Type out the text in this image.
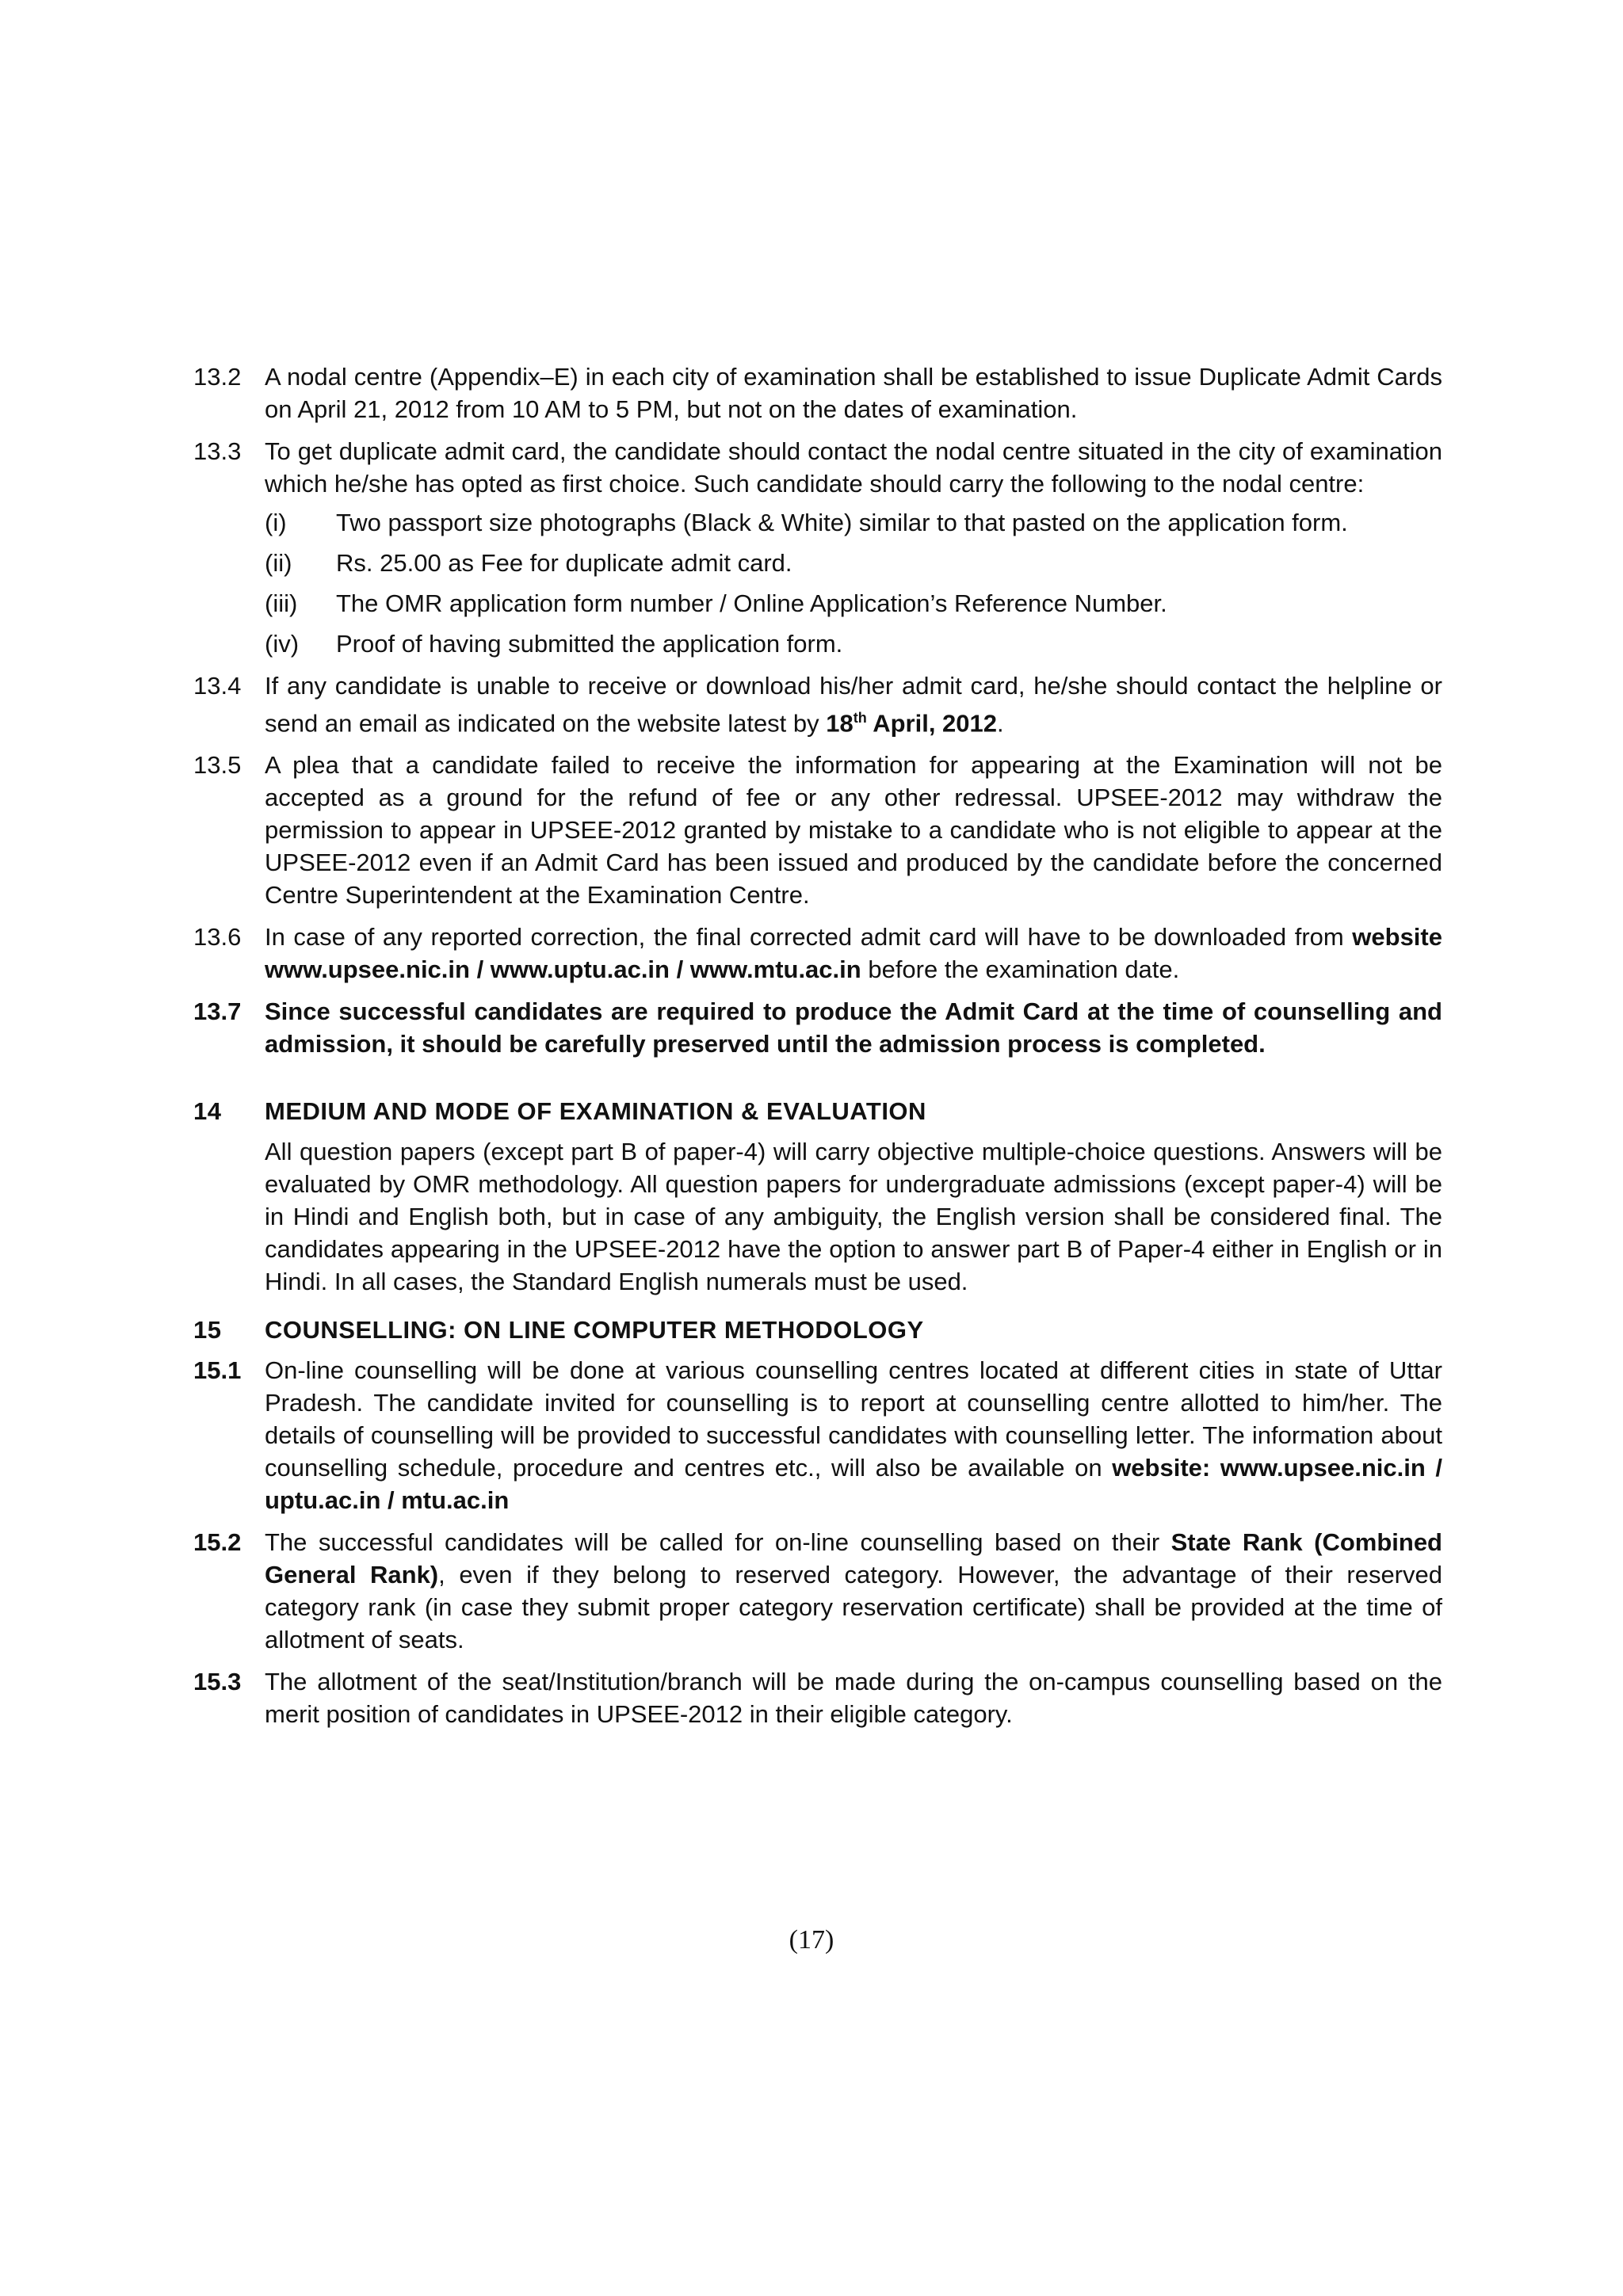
13.2 A nodal centre (Appendix–E) in each city of examination shall be established to issue Duplicate Admit Cards on April 21, 2012 from 10 AM to 5 PM, but not on the dates of examination.
13.3 To get duplicate admit card, the candidate should contact the nodal centre situated in the city of examination which he/she has opted as first choice. Such candidate should carry the following to the nodal centre:
(i) Two passport size photographs (Black & White) similar to that pasted on the application form.
(ii) Rs. 25.00 as Fee for duplicate admit card.
(iii) The OMR application form number / Online Application’s Reference Number.
(iv) Proof of having submitted the application form.
13.4 If any candidate is unable to receive or download his/her admit card, he/she should contact the helpline or send an email as indicated on the website latest by 18th April, 2012.
13.5 A plea that a candidate failed to receive the information for appearing at the Examination will not be accepted as a ground for the refund of fee or any other redressal. UPSEE-2012 may withdraw the permission to appear in UPSEE-2012 granted by mistake to a candidate who is not eligible to appear at the UPSEE-2012 even if an Admit Card has been issued and produced by the candidate before the concerned Centre Superintendent at the Examination Centre.
13.6 In case of any reported correction, the final corrected admit card will have to be downloaded from website www.upsee.nic.in / www.uptu.ac.in / www.mtu.ac.in before the examination date.
13.7 Since successful candidates are required to produce the Admit Card at the time of counselling and admission, it should be carefully preserved until the admission process is completed.
14 MEDIUM AND MODE OF EXAMINATION & EVALUATION
All question papers (except part B of paper-4) will carry objective multiple-choice questions. Answers will be evaluated by OMR methodology. All question papers for undergraduate admissions (except paper-4) will be in Hindi and English both, but in case of any ambiguity, the English version shall be considered final. The candidates appearing in the UPSEE-2012 have the option to answer part B of Paper-4 either in English or in Hindi. In all cases, the Standard English numerals must be used.
15 COUNSELLING: ON LINE COMPUTER METHODOLOGY
15.1 On-line counselling will be done at various counselling centres located at different cities in state of Uttar Pradesh. The candidate invited for counselling is to report at counselling centre allotted to him/her. The details of counselling will be provided to successful candidates with counselling letter. The information about counselling schedule, procedure and centres etc., will also be available on website: www.upsee.nic.in / uptu.ac.in / mtu.ac.in
15.2 The successful candidates will be called for on-line counselling based on their State Rank (Combined General Rank), even if they belong to reserved category. However, the advantage of their reserved category rank (in case they submit proper category reservation certificate) shall be provided at the time of allotment of seats.
15.3 The allotment of the seat/Institution/branch will be made during the on-campus counselling based on the merit position of candidates in UPSEE-2012 in their eligible category.
(17)
